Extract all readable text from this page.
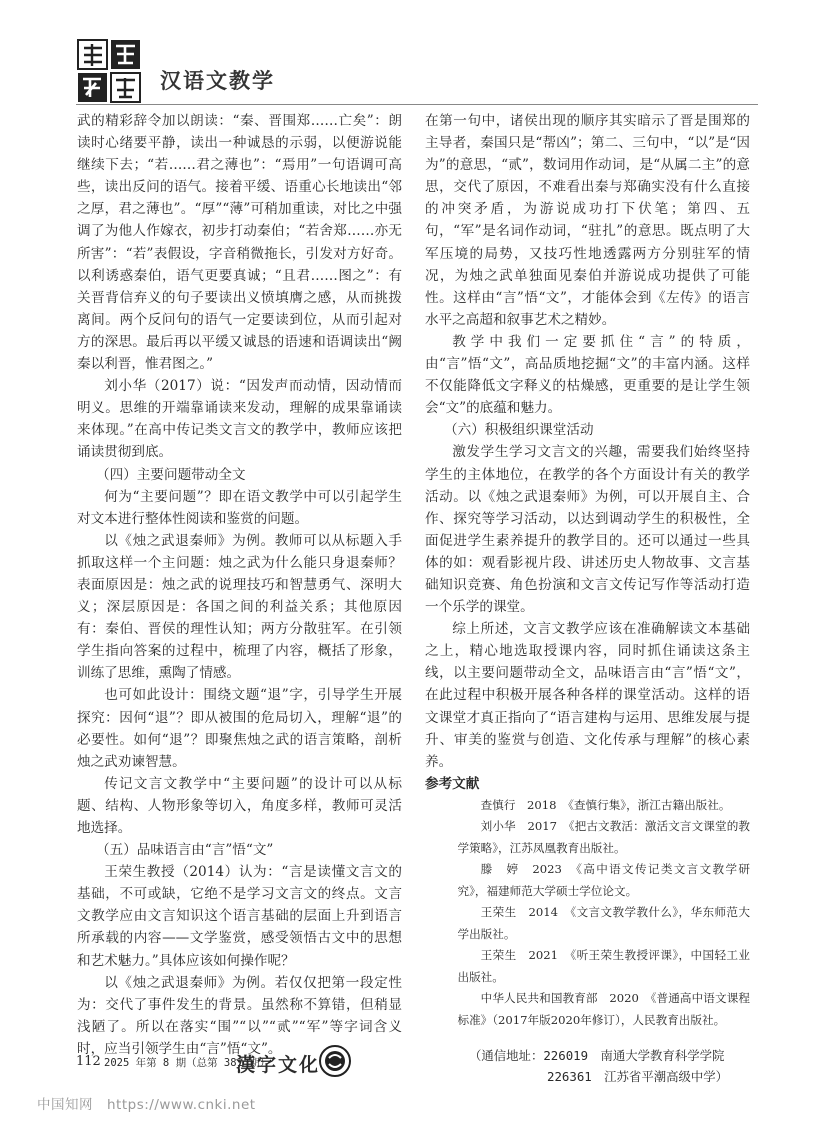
汉语文教学

武的精彩辞令加以朗读：“秦、晋围郑……亡矣”：朗读时心绪要平静，读出一种诚恳的示弱，以便游说能继续下去；“若……君之薄也”：“焉用”一句语调可高些，读出反问的语气。接着平缓、语重心长地读出“邻之厚，君之薄也”。“厚”“薄”可稍加重读，对比之中强调了为他人作嫁衣，初步打动秦伯；“若舍郑……亦无所害”：“若”表假设，字音稍微拖长，引发对方好奇。以利诱惑秦伯，语气更要真诚；“且君……图之”：有关晋背信弃义的句子要读出义愤填膺之感，从而挑拨离间。两个反问句的语气一定要读到位，从而引起对方的深思。最后再以平缓又诚恳的语速和语调读出“阙秦以利晋，惟君图之。”

刘小华（2017）说：“因发声而动情，因动情而明义。思维的开端靠诵读来发动，理解的成果靠诵读来体现。”在高中传记类文言文的教学中，教师应该把诵读贯彻到底。

（四）主要问题带动全文

何为“主要问题”？即在语文教学中可以引起学生对文本进行整体性阅读和鉴赏的问题。

以《烛之武退秦师》为例。教师可以从标题入手抓取这样一个主问题：烛之武为什么能只身退秦师？表面原因是：烛之武的说理技巧和智慧勇气、深明大义；深层原因是：各国之间的利益关系；其他原因有：秦伯、晋侯的理性认知；两方分散驻军。在引领学生指向答案的过程中，梳理了内容，概括了形象，训练了思维，熏陶了情感。

也可如此设计：围绕文题“退”字，引导学生开展探究：因何“退”？即从被围的危局切入，理解“退”的必要性。如何“退”？即聚焦烛之武的语言策略，剖析烛之武劝谏智慧。

传记文言文教学中“主要问题”的设计可以从标题、结构、人物形象等切入，角度多样，教师可灵活地选择。

（五）品味语言由“言”悟“文”

王荣生教授（2014）认为：“言是读懂文言文的基础，不可或缺，它绝不是学习文言文的终点。文言文教学应由文言知识这个语言基础的层面上升到语言所承载的内容——文学鉴赏，感受领悟古文中的思想和艺术魅力。”具体应该如何操作呢？

以《烛之武退秦师》为例。若仅仅把第一段定性为：交代了事件发生的背景。虽然称不算错，但稍显浅陋了。所以在落实“围”“以”“贰”“军”等字词含义时，应当引领学生由“言”悟“文”。

在第一句中，诸侯出现的顺序其实暗示了晋是围郑的主导者，秦国只是“帮凶”；第二、三句中，“以”是“因为”的意思，“贰”，数词用作动词，是“从属二主”的意思，交代了原因，不难看出秦与郑确实没有什么直接的冲突矛盾，为游说成功打下伏笔；第四、五句，“军”是名词作动词，“驻扎”的意思。既点明了大军压境的局势，又技巧性地透露两方分别驻军的情况，为烛之武单独面见秦伯并游说成功提供了可能性。这样由“言”悟“文”，才能体会到《左传》的语言水平之高超和叙事艺术之精妙。

教学中我们一定要抓住“言”的特质，由“言”悟“文”，高品质地挖掘“文”的丰富内涵。这样不仅能降低文字释义的枯燥感，更重要的是让学生领会“文”的底蕴和魅力。

（六）积极组织课堂活动

激发学生学习文言文的兴趣，需要我们始终坚持学生的主体地位，在教学的各个方面设计有关的教学活动。以《烛之武退秦师》为例，可以开展自主、合作、探究等学习活动，以达到调动学生的积极性，全面促进学生素养提升的教学目的。还可以通过一些具体的如：观看影视片段、讲述历史人物故事、文言基础知识竞赛、角色扮演和文言文传记写作等活动打造一个乐学的课堂。

综上所述，文言文教学应该在准确解读文本基础之上，精心地选取授课内容，同时抓住诵读这条主线，以主要问题带动全文，品味语言由“言”悟“文”，在此过程中积极开展各种各样的课堂活动。这样的语文课堂才真正指向了“语言建构与运用、思维发展与提升、审美的鉴赏与创造、文化传承与理解”的核心素养。

参考文献

查慎行　2018　《查慎行集》，浙江古籍出版社。

刘小华　2017　《把古文教活：激活文言文课堂的教学策略》，江苏凤凰教育出版社。

滕　婷　2023　《高中语文传记类文言文教学研究》，福建师范大学硕士学位论文。

王荣生　2014　《文言文教学教什么》，华东师范大学出版社。

王荣生　2021　《听王荣生教授评课》，中国轻工业出版社。

中华人民共和国教育部　2020　《普通高中语文课程标准》（2017年版2020年修订），人民教育出版社。

（通信地址：226019　南通大学教育科学学院
226361　江苏省平潮高级中学）
112 2025 年第 8 期（总第 381 期）
漢字文化
中国知网　https://www.cnki.net
